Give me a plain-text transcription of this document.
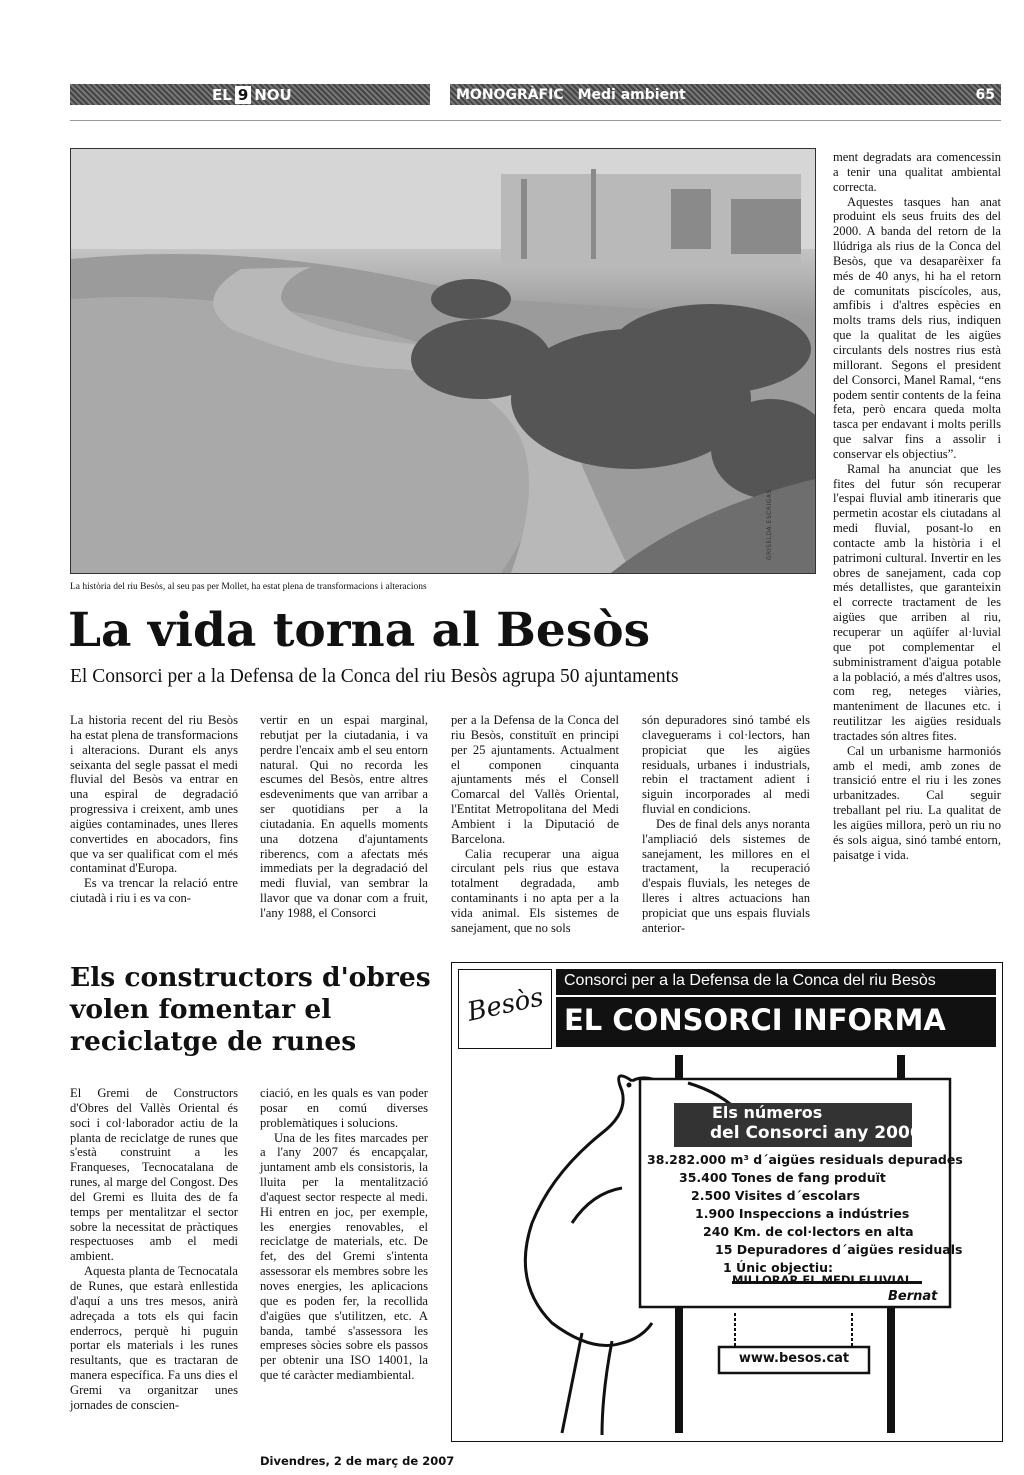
EL 9 NOU	MONOGRÀFIC Medi ambient	65
GRISELDA ESCRIGAS
La història del riu Besòs, al seu pas per Mollet, ha estat plena de transformacions i alteracions
La vida torna al Besòs
El Consorci per a la Defensa de la Conca del riu Besòs agrupa 50 ajuntaments

La historia recent del riu Besòs ha estat plena de transformacions i alteracions. Durant els anys seixanta del segle passat el medi fluvial del Besòs va entrar en una espiral de degradació progressiva i creixent, amb unes aigües contaminades, unes lleres convertides en abocadors, fins que va ser qualificat com el més contaminat d'Europa.

Es va trencar la relació entre ciutadà i riu i es va con-

vertir en un espai marginal, rebutjat per la ciutadania, i va perdre l'encaix amb el seu entorn natural. Qui no recorda les escumes del Besòs, entre altres esdeveniments que van arribar a ser quotidians per a la ciutadania. En aquells moments una dotzena d'ajuntaments riberencs, com a afectats més immediats per la degradació del medi fluvial, van sembrar la llavor que va donar com a fruit, l'any 1988, el Consorci

per a la Defensa de la Conca del riu Besòs, constituït en principi per 25 ajuntaments. Actualment el componen cinquanta ajuntaments més el Consell Comarcal del Vallès Oriental, l'Entitat Metropolitana del Medi Ambient i la Diputació de Barcelona.

Calia recuperar una aigua circulant pels rius que estava totalment degradada, amb contaminants i no apta per a la vida animal. Els sistemes de sanejament, que no sols

són depuradores sinó també els claveguerams i col·lectors, han propiciat que les aigües residuals, urbanes i industrials, rebin el tractament adient i siguin incorporades al medi fluvial en condicions.

Des de final dels anys noranta l'ampliació dels sistemes de sanejament, les millores en el tractament, la recuperació d'espais fluvials, les neteges de lleres i altres actuacions han propiciat que uns espais fluvials anterior-

ment degradats ara comencessin a tenir una qualitat ambiental correcta.

Aquestes tasques han anat produint els seus fruits des del 2000. A banda del retorn de la llúdriga als rius de la Conca del Besòs, que va desaparèixer fa més de 40 anys, hi ha el retorn de comunitats piscícoles, aus, amfibis i d'altres espècies en molts trams dels rius, indiquen que la qualitat de les aigües circulants dels nostres rius està millorant. Segons el president del Consorci, Manel Ramal, “ens podem sentir contents de la feina feta, però encara queda molta tasca per endavant i molts perills que salvar fins a assolir i conservar els objectius”.

Ramal ha anunciat que les fites del futur són recuperar l'espai fluvial amb itineraris que permetin acostar els ciutadans al medi fluvial, posant-lo en contacte amb la història i el patrimoni cultural. Invertir en les obres de sanejament, cada cop més detallistes, que garanteixin el correcte tractament de les aigües que arriben al riu, recuperar un aqüífer al·luvial que pot complementar el subministrament d'aigua potable a la població, a més d'altres usos, com reg, neteges viàries, manteniment de llacunes etc. i reutilitzar les aigües residuals tractades són altres fites.

Cal un urbanisme harmoniós amb el medi, amb zones de transició entre el riu i les zones urbanitzades. Cal seguir treballant pel riu. La qualitat de les aigües millora, però un riu no és sols aigua, sinó també entorn, paisatge i vida.

Els constructors d'obres
volen fomentar el
reciclatge de runes

El Gremi de Constructors d'Obres del Vallès Oriental és soci i col·laborador actiu de la planta de reciclatge de runes que s'està construint a les Franqueses, Tecnocatalana de runes, al marge del Congost. Des del Gremi es lluita des de fa temps per mentalitzar el sector sobre la necessitat de pràctiques respectuoses amb el medi ambient.

Aquesta planta de Tecnocatala de Runes, que estarà enllestida d'aquí a uns tres mesos, anirà adreçada a tots els qui facin enderrocs, perquè hi puguin portar els materials i les runes resultants, que es tractaran de manera específica. Fa uns dies el Gremi va organitzar unes jornades de conscien-

ciació, en les quals es van poder posar en comú diverses problemàtiques i solucions.

Una de les fites marcades per a l'any 2007 és encapçalar, juntament amb els consistoris, la lluita per la mentalització d'aquest sector respecte al medi. Hi entren en joc, per exemple, les energies renovables, el reciclatge de materials, etc. De fet, des del Gremi s'intenta assessorar els membres sobre les noves energies, les aplicacions que es poden fer, la recollida d'aigües que s'utilitzen, etc. A banda, també s'assessora les empreses sòcies sobre els passos per obtenir una ISO 14001, la que té caràcter mediambiental.

Besòs
Consorci per a la Defensa de la Conca del riu Besòs
EL CONSORCI INFORMA
Els números
del Consorci any 2006
38.282.000 m³ d´aigües residuals depurades
35.400 Tones de fang produït
2.500 Visites d´escolars
1.900 Inspeccions a indústries
240 Km. de col·lectors en alta
15 Depuradores d´aigües residuals
1 Únic objectiu:
MILLORAR EL MEDI FLUVIAL
Bernat
www.besos.cat
Divendres, 2 de març de 2007
